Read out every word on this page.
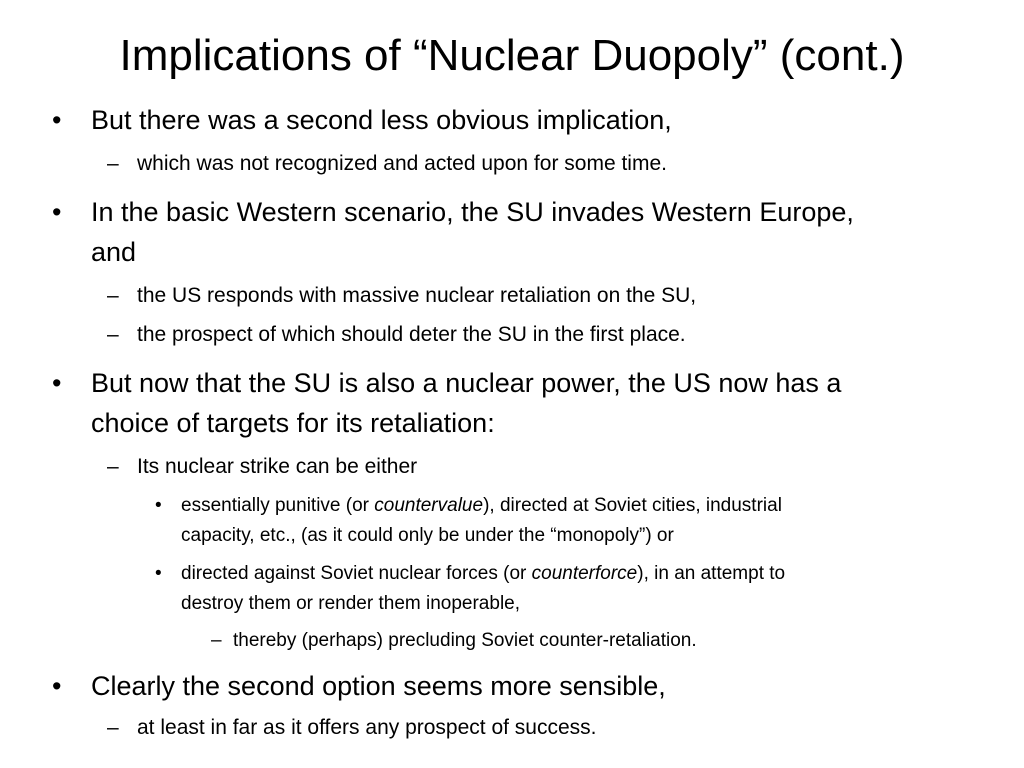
Implications of “Nuclear Duopoly” (cont.)
• But there was a second less obvious implication,
– which was not recognized and acted upon for some time.
• In the basic Western scenario, the SU invades Western Europe,
and
– the US responds with massive nuclear retaliation on the SU,
– the prospect of which should deter the SU in the first place.
• But now that the SU is also a nuclear power, the US now has a
choice of targets for its retaliation:
– Its nuclear strike can be either
• essentially punitive (or countervalue), directed at Soviet cities, industrial
capacity, etc., (as it could only be under the “monopoly”) or
• directed against Soviet nuclear forces (or counterforce), in an attempt to
destroy them or render them inoperable,
– thereby (perhaps) precluding Soviet counter-retaliation.
• Clearly the second option seems more sensible,
– at least in far as it offers any prospect of success.
